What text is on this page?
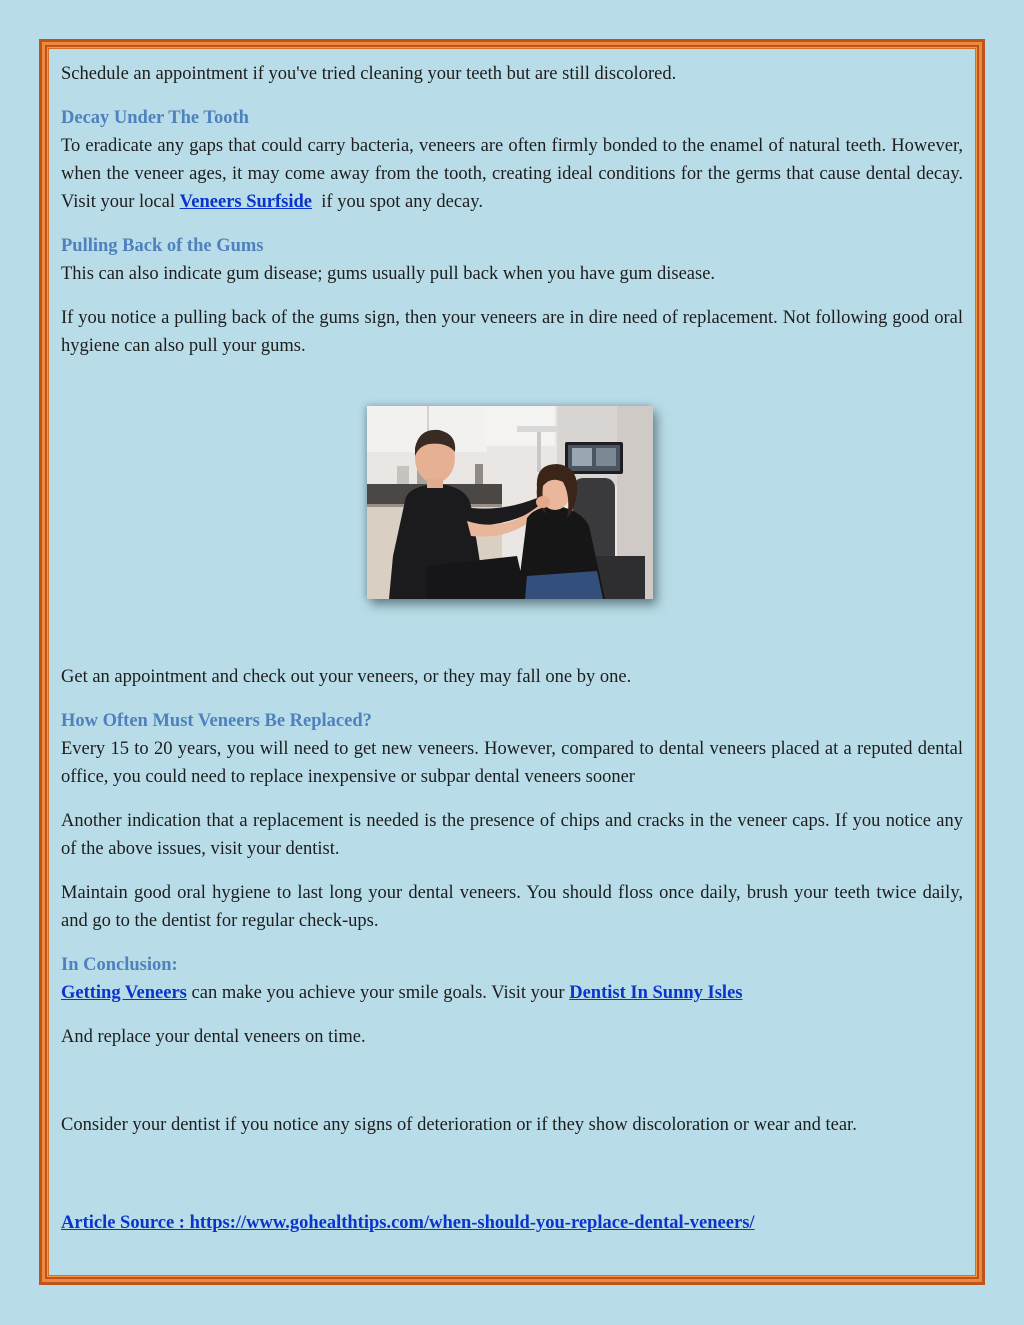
Schedule an appointment if you've tried cleaning your teeth but are still discolored.

Decay Under The Tooth

To eradicate any gaps that could carry bacteria, veneers are often firmly bonded to the enamel of natural teeth. However, when the veneer ages, it may come away from the tooth, creating ideal conditions for the germs that cause dental decay. Visit your local Veneers Surfside  if you spot any decay.

Pulling Back of the Gums

This can also indicate gum disease; gums usually pull back when you have gum disease.

If you notice a pulling back of the gums sign, then your veneers are in dire need of replacement. Not following good oral hygiene can also pull your gums.

Get an appointment and check out your veneers, or they may fall one by one.

How Often Must Veneers Be Replaced?

Every 15 to 20 years, you will need to get new veneers. However, compared to dental veneers placed at a reputed dental office, you could need to replace inexpensive or subpar dental veneers sooner

Another indication that a replacement is needed is the presence of chips and cracks in the veneer caps. If you notice any of the above issues, visit your dentist.

Maintain good oral hygiene to last long your dental veneers. You should floss once daily, brush your teeth twice daily, and go to the dentist for regular check-ups.

In Conclusion:

Getting Veneers can make you achieve your smile goals. Visit your Dentist In Sunny Isles

And replace your dental veneers on time.

Consider your dentist if you notice any signs of deterioration or if they show discoloration or wear and tear.

Article Source : https://www.gohealthtips.com/when-should-you-replace-dental-veneers/
